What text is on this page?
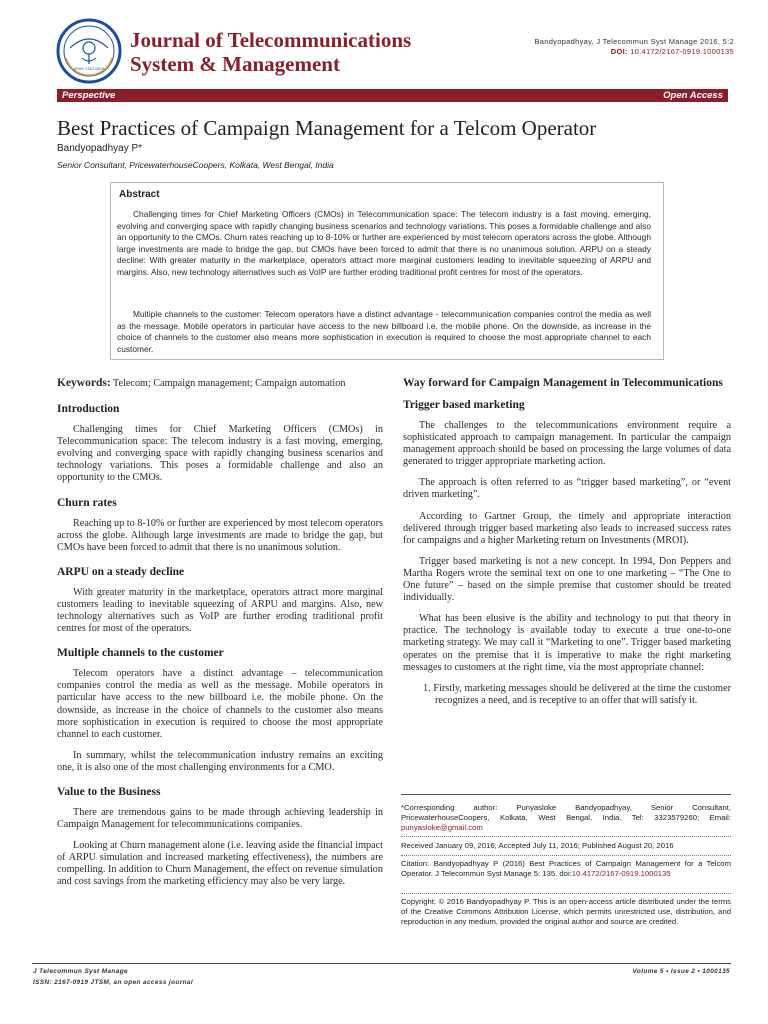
ISSN: 2167-0919
Journal of Telecommunications
System & Management
Bandyopadhyay, J Telecommun Syst Manage 2016, 5:2
DOI: 10.4172/2167-0919.1000135
Perspective	Open Access
Best Practices of Campaign Management for a Telcom Operator
Bandyopadhyay P*
Senior Consultant, PricewaterhouseCoopers, Kolkata, West Bengal, India
Abstract

Challenging times for Chief Marketing Officers (CMOs) in Telecommunication space: The telecom industry is a fast moving, emerging, evolving and converging space with rapidly changing business scenarios and technology variations. This poses a formidable challenge and also an opportunity to the CMOs. Churn rates reaching up to 8-10% or further are experienced by most telecom operators across the globe. Although large investments are made to bridge the gap, but CMOs have been forced to admit that there is no unanimous solution. ARPU on a steady decline: With greater maturity in the marketplace, operators attract more marginal customers leading to inevitable squeezing of ARPU and margins. Also, new technology alternatives such as VoIP are further eroding traditional profit centres for most of the operators.

Multiple channels to the customer: Telecom operators have a distinct advantage - telecommunication companies control the media as well as the message. Mobile operators in particular have access to the new billboard i.e. the mobile phone. On the downside, as increase in the choice of channels to the customer also means more sophistication in execution is required to choose the most appropriate channel to each customer.

Keywords: Telecom; Campaign management; Campaign automation

Introduction

Challenging times for Chief Marketing Officers (CMOs) in Telecommunication space: The telecom industry is a fast moving, emerging, evolving and converging space with rapidly changing business scenarios and technology variations. This poses a formidable challenge and also an opportunity to the CMOs.

Churn rates

Reaching up to 8-10% or further are experienced by most telecom operators across the globe. Although large investments are made to bridge the gap, but CMOs have been forced to admit that there is no unanimous solution.

ARPU on a steady decline

With greater maturity in the marketplace, operators attract more marginal customers leading to inevitable squeezing of ARPU and margins. Also, new technology alternatives such as VoIP are further eroding traditional profit centres for most of the operators.

Multiple channels to the customer

Telecom operators have a distinct advantage – telecommunication companies control the media as well as the message. Mobile operators in particular have access to the new billboard i.e. the mobile phone. On the downside, as increase in the choice of channels to the customer also means more sophistication in execution is required to choose the most appropriate channel to each customer.

In summary, whilst the telecommunication industry remains an exciting one, it is also one of the most challenging environments for a CMO.

Value to the Business

There are tremendous gains to be made through achieving leadership in Campaign Management for telecommunications companies.

Looking at Churn management alone (i.e. leaving aside the financial impact of ARPU simulation and increased marketing effectiveness), the numbers are compelling. In addition to Churn Management, the effect on revenue simulation and cost savings from the marketing efficiency may also be very large.

Way forward for Campaign Management in Telecommunications

Trigger based marketing

The challenges to the telecommunications environment require a sophisticated approach to campaign management. In particular the campaign management approach should be based on processing the large volumes of data generated to trigger appropriate marketing action.

The approach is often referred to as “trigger based marketing”, or “event driven marketing”.

According to Gartner Group, the timely and appropriate interaction delivered through trigger based marketing also leads to increased success rates for campaigns and a higher Marketing return on Investments (MROI).

Trigger based marketing is not a new concept. In 1994, Don Peppers and Martha Rogers wrote the seminal text on one to one marketing – “The One to One future” – based on the simple premise that customer should be treated individually.

What has been elusive is the ability and technology to put that theory in practice. The technology is available today to execute a true one-to-one marketing strategy. We may call it “Marketing to one”. Trigger based marketing operates on the premise that it is imperative to make the right marketing messages to customers at the right time, via the most appropriate channel:

1. Firstly, marketing messages should be delivered at the time the customer recognizes a need, and is receptive to an offer that will satisfy it.

*Corresponding author: Punyasloke Bandyopadhyay, Senior Consultant, PricewaterhouseCoopers, Kolkata, West Bengal, India. Tel: 3323579260; Email: punyasloke@gmail.com

Received January 09, 2016; Accepted July 11, 2016; Published August 20, 2016

Citation: Bandyopadhyay P (2016) Best Practices of Campaign Management for a Telcom Operator. J Telecommun Syst Manage 5: 135. doi:10.4172/2167-0919.1000135

Copyright: © 2016 Bandyopadhyay P. This is an open-access article distributed under the terms of the Creative Commons Attribution License, which permits unrestricted use, distribution, and reproduction in any medium, provided the original author and source are credited.

J Telecommun Syst Manage
ISSN: 2167-0919 JTSM, an open access journal
Volume 5 • Issue 2 • 1000135
